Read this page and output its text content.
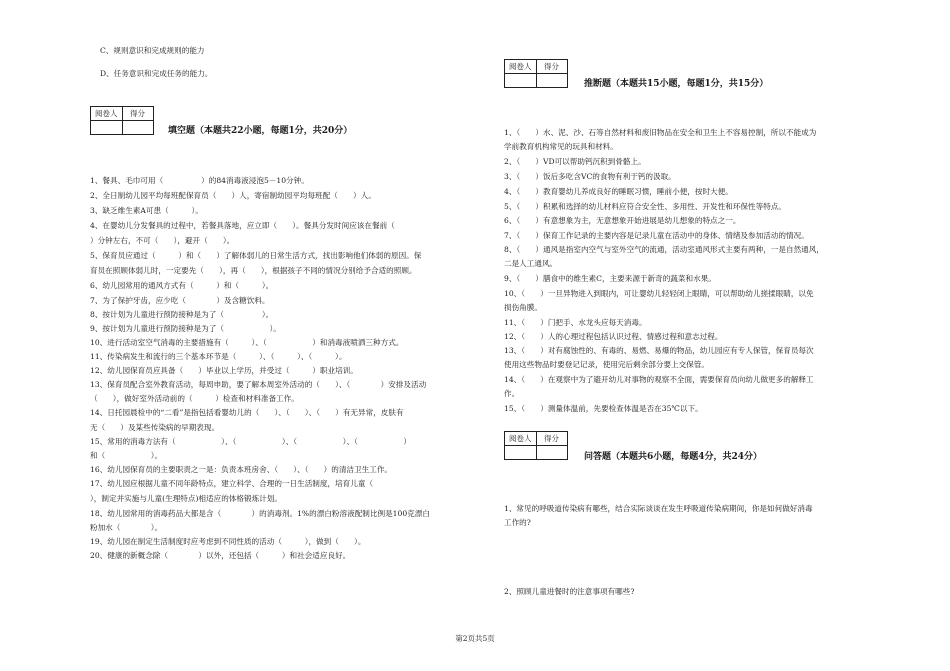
C、规则意识和完成规则的能力
D、任务意识和完成任务的能力。
阅卷人	得分

填空题（本题共22小题，每题1分，共20分）
1、餐具、毛巾可用（　　　　　）的84消毒液浸泡5－10分钟。
2、全日制幼儿园平均每班配保育员（　　）人，寄宿制幼园平均每班配（　　）人。
3、缺乏维生素A可患（　　　）。
4、在婴幼儿分发餐具的过程中，若餐具落地，应立即（　　）。餐具分发时间应该在餐前（
）分钟左右，不可（　　），避开（　　）。
5、保育员应通过（　　　）和（　　）了解体弱儿的日常生活方式，找出影响他们体弱的原因。保
育员在照顾体弱儿时，一定要先（　　），再（　　），根据孩子不同的情况分别给予合适的照顾。
6、幼儿园常用的通风方式有（　　　）和（　　　）。
7、为了保护牙齿，应少吃（　　　　）及含糖饮料。
8、按计划为儿童进行预防接种是为了（　　　　　）。
9、按计划为儿童进行预防接种是为了（　　　　　　）。
10、进行活动室空气消毒的主要措施有（　　　）、（　　　　　　）和消毒液喷洒三种方式。
11、传染病发生和流行的三个基本环节是（　　　）、（　　　）、（　　　）。
12、幼儿园保育员应具备（　　）毕业以上学历，并受过（　　　）职业培训。
13、保育员配合室外教育活动，每周申助，要了解本周室外活动的（　　）、（　　　　）安排及活动
（　　），做好室外活动前的（　　　）检查和材料准备工作。
14、日托园晨检中的“二看”是指包括看婴幼儿的（　　）、（　　）、（　　）有无异常，皮肤有
无（　　）及某些传染病的早期表现。
15、常用的消毒方法有（　　　　　　）、（　　　　　　）、（　　　　　　）、（　　　　　　）
和（　　　　　　）。
16、幼儿园保育员的主要职责之一是：负责本班房舍、（　　）、（　　）的清洁卫生工作。
17、幼儿园应根据儿童不同年龄特点，建立科学、合理的一日生活制度，培育儿童（
），制定并实施与儿童(生理特点)相适应的体格锻炼计划。
18、幼儿园常用的消毒药品大都是含（　　　　）的消毒剂。1%的漂白粉溶液配制比例是100克漂白
粉加水（　　　　）。
19、幼儿园在制定生活制度时应考虑到不同性质的活动（　　　），做到（　　）。
20、健康的新概念除（　　　　）以外，还包括（　　　）和社会适应良好。
阅卷人	得分

推断题（本题共15小题，每题1分，共15分）
1、（　　）水、泥、沙、石等自然材料和废旧物品在安全和卫生上不容易控制，所以不能成为
学前教育机构常见的玩具和材料。
2、（　　）VD可以帮助钙沉积到骨骼上。
3、（　　）饭后多吃含VC的食物有利于钙的汲取。
4、（　　）教育婴幼儿养成良好的睡眠习惯，睡前小便，按时大便。
5、（　　）积累和选择的幼儿材料应符合安全性、多用性、开发性和环保性等特点。
6、（　　）有意想象为主，无意想象开始进展是幼儿想象的特点之一。
7、（　　）保育工作记录的主要内容是记录儿童在活动中的身体、情绪及参加活动的情况。
8、（　　）通风是指室内空气与室外空气的流通，活动室通风形式主要有两种，一是自然通风，
二是人工通风。
9、（　　）膳食中的维生素C，主要来源于新奇的蔬菜和水果。
10、（　　）一旦异物进入到眼内，可让婴幼儿轻轻闭上眼睛，可以帮助幼儿搓揉眼睛，以免
损伤角膜。
11、（　　）门把手、水龙头应每天消毒。
12、（　　）人的心理过程包括认识过程、情感过程和意志过程。
13、（　　）对有腐蚀性的、有毒的、易燃、易爆的物品，幼儿园应有专人保管，保育员每次
使用这些物品时要登记记录，使用完后剩余部分要上交保管。
14、（　　）在观察中为了避开幼儿对事物的观察不全面，需要保育员向幼儿做更多的解释工
作。
15、（　　）测量体温前，先要检查体温是否在35℃以下。
阅卷人	得分

问答题（本题共6小题，每题4分，共24分）
1、常见的呼吸道传染病有哪些，结合实际谈谈在发生呼吸道传染病期间，你是如何做好消毒
工作的?
2、照顾儿童进餐时的注意事项有哪些?
第2页共5页
